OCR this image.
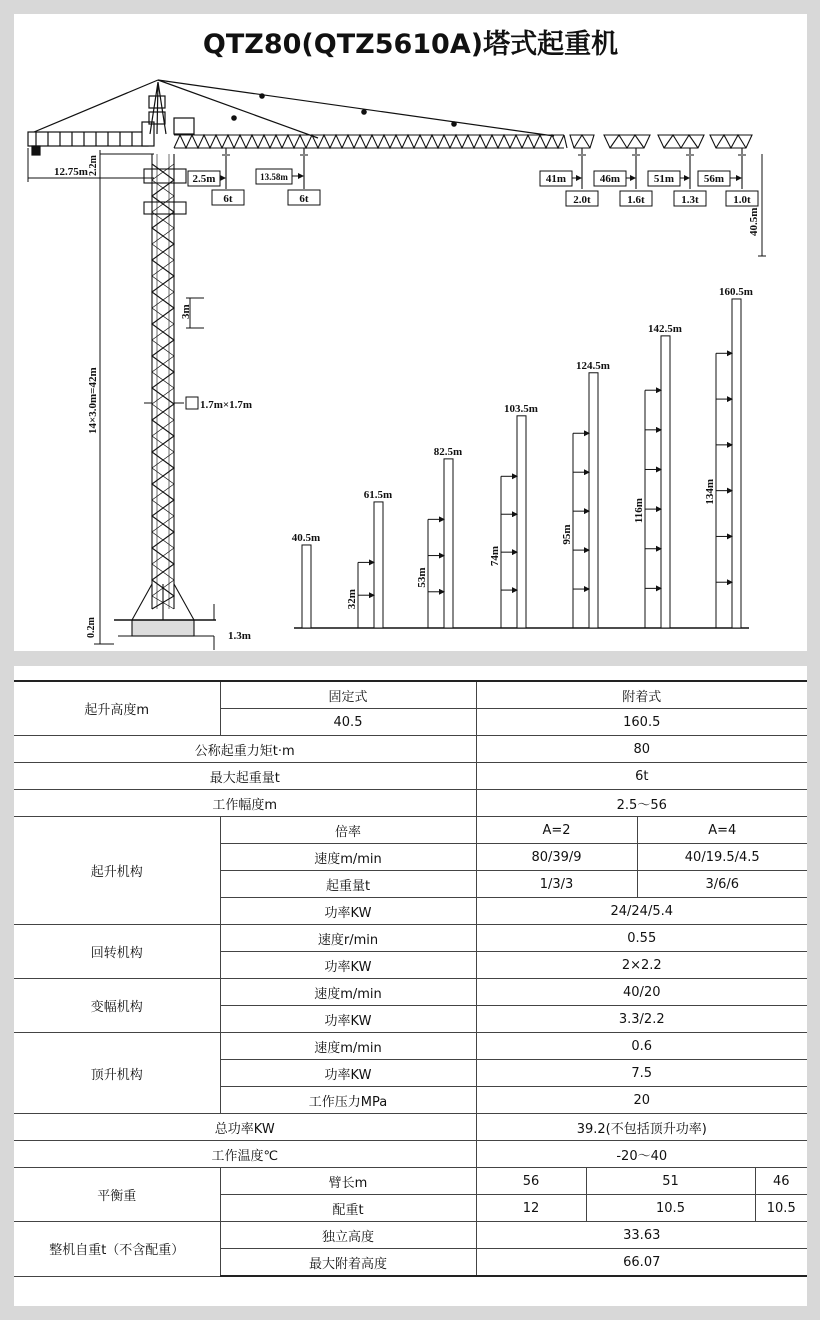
QTZ80(QTZ5610A)塔式起重机
2.5m	13.58m	41m	46m	51m	56m
6t	6t	2.0t	1.6t	1.3t	1.0t
40.5m
12.75m 2.2m
14×3.0m=42m
3m
1.7m×1.7m
0.2m	1.3m
40.5m
61.5m
32m
82.5m
53m
103.5m
74m
124.5m
95m
142.5m
116m
160.5m
134m
起升高度m	固定式	附着式			
	40.5	160.5			
公称起重力矩t·m		80			
最大起重量t		6t			
工作幅度m		2.5～56			
起升机构	倍率	A=2		A=4	
	速度m/min	80/39/9		40/19.5/4.5	
	起重量t	1/3/3		3/6/6	
	功率KW	24/24/5.4			
回转机构	速度r/min	0.55			
	功率KW	2×2.2			
变幅机构	速度m/min	40/20			
	功率KW	3.3/2.2			
顶升机构	速度m/min	0.6			
	功率KW	7.5			
	工作压力MPa	20			
总功率KW		39.2(不包括顶升功率)			
工作温度℃		-20～40			
平衡重	臂长m	56	51		46
	配重t	12	10.5		10.5
整机自重t（不含配重）	独立高度	33.63			
	最大附着高度	66.07			
